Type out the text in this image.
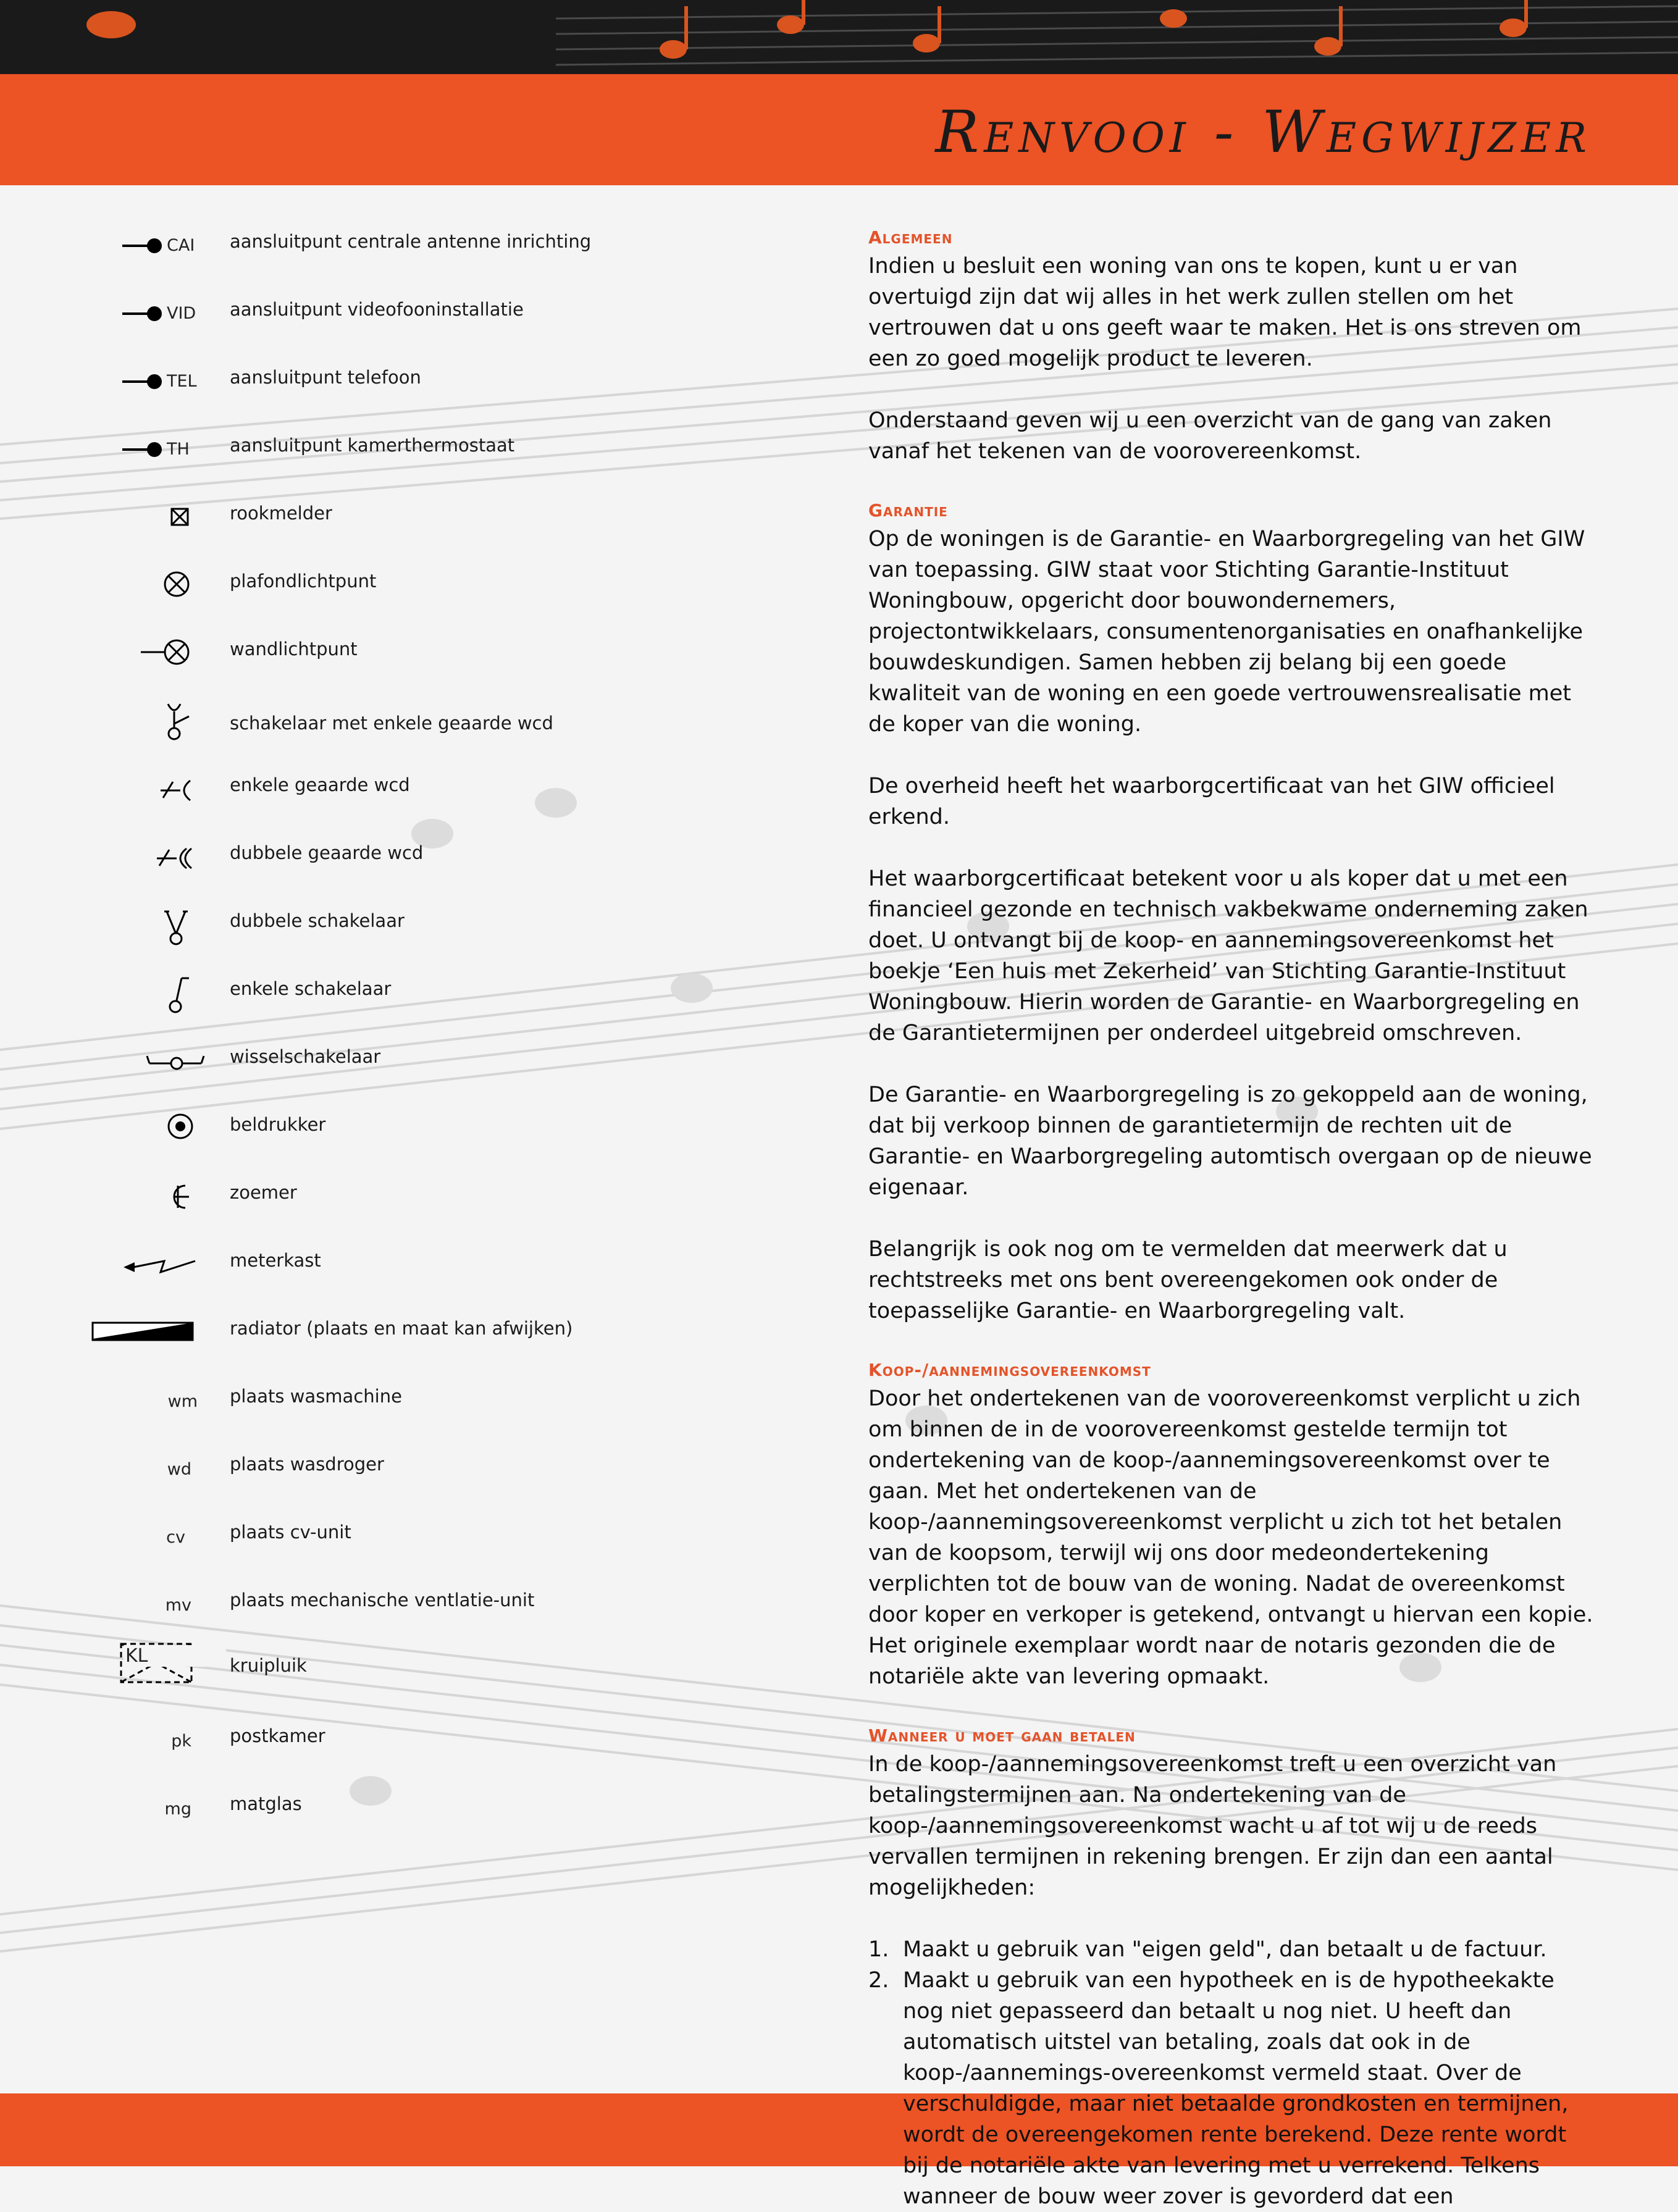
Renvooi - Wegwijzer
CAI	aansluitpunt centrale antenne inrichting
VID	aansluitpunt videofooninstallatie
TEL	aansluitpunt telefoon
TH	aansluitpunt kamerthermostaat
rookmelder
plafondlichtpunt
wandlichtpunt
schakelaar met enkele geaarde wcd
enkele geaarde wcd
dubbele geaarde wcd
dubbele schakelaar
enkele schakelaar
wisselschakelaar
beldrukker
zoemer
meterkast
radiator (plaats en maat kan afwijken)
wm plaats wasmachine
wd plaats wasdroger
cv plaats cv-unit
mv plaats mechanische ventlatie-unit
KL	kruipluik
pk postkamer
mg matglas
Algemeen

Indien u besluit een woning van ons te kopen, kunt u er van overtuigd zijn dat wij alles in het werk zullen stellen om het vertrouwen dat u ons geeft waar te maken. Het is ons streven om een zo goed mogelijk product te leveren.

Onderstaand geven wij u een overzicht van de gang van zaken vanaf het tekenen van de voorovereenkomst.

Garantie

Op de woningen is de Garantie- en Waarborgregeling van het GIW van toepassing. GIW staat voor Stichting Garantie-Instituut Woningbouw, opgericht door bouwondernemers, projectontwikkelaars, consumentenorganisaties en onafhankelijke bouwdeskundigen. Samen hebben zij belang bij een goede kwaliteit van de woning en een goede vertrouwensrealisatie met de koper van die woning.

De overheid heeft het waarborgcertificaat van het GIW officieel erkend.

Het waarborgcertificaat betekent voor u als koper dat u met een financieel gezonde en technisch vakbekwame onderneming zaken doet. U ontvangt bij de koop- en aannemingsovereenkomst het boekje ‘Een huis met Zekerheid’ van Stichting Garantie-Instituut Woningbouw. Hierin worden de Garantie- en Waarborgregeling en de Garantietermijnen per onderdeel uitgebreid omschreven.

De Garantie- en Waarborgregeling is zo gekoppeld aan de woning, dat bij verkoop binnen de garantietermijn de rechten uit de Garantie- en Waarborgregeling automtisch overgaan op de nieuwe eigenaar.

Belangrijk is ook nog om te vermelden dat meerwerk dat u rechtstreeks met ons bent overeengekomen ook onder de toepasselijke Garantie- en Waarborgregeling valt.

Koop-/aannemingsovereenkomst

Door het ondertekenen van de voorovereenkomst verplicht u zich om binnen de in de voorovereenkomst gestelde termijn tot ondertekening van de koop-/aannemingsovereenkomst over te gaan. Met het ondertekenen van de koop-/aannemingsovereenkomst verplicht u zich tot het betalen van de koopsom, terwijl wij ons door medeondertekening verplichten tot de bouw van de woning. Nadat de overeenkomst door koper en verkoper is getekend, ontvangt u hiervan een kopie. Het originele exemplaar wordt naar de notaris gezonden die de notariële akte van levering opmaakt.

Wanneer u moet gaan betalen

In de koop-/aannemingsovereenkomst treft u een overzicht van betalingstermijnen aan. Na ondertekening van de koop-/aannemingsovereenkomst wacht u af tot wij u de reeds vervallen termijnen in rekening brengen. Er zijn dan een aantal mogelijkheden:

1. Maakt u gebruik van "eigen geld", dan betaalt u de factuur.
2. Maakt u gebruik van een hypotheek en is de hypotheekakte nog niet gepasseerd dan betaalt u nog niet. U heeft dan automatisch uitstel van betaling, zoals dat ook in de koop-/aannemings-overeenkomst vermeld staat. Over de verschuldigde, maar niet betaalde grondkosten en termijnen, wordt de overeengekomen rente berekend. Deze rente wordt bij de notariële akte van levering met u verrekend. Telkens wanneer de bouw weer zover is gevorderd dat een
